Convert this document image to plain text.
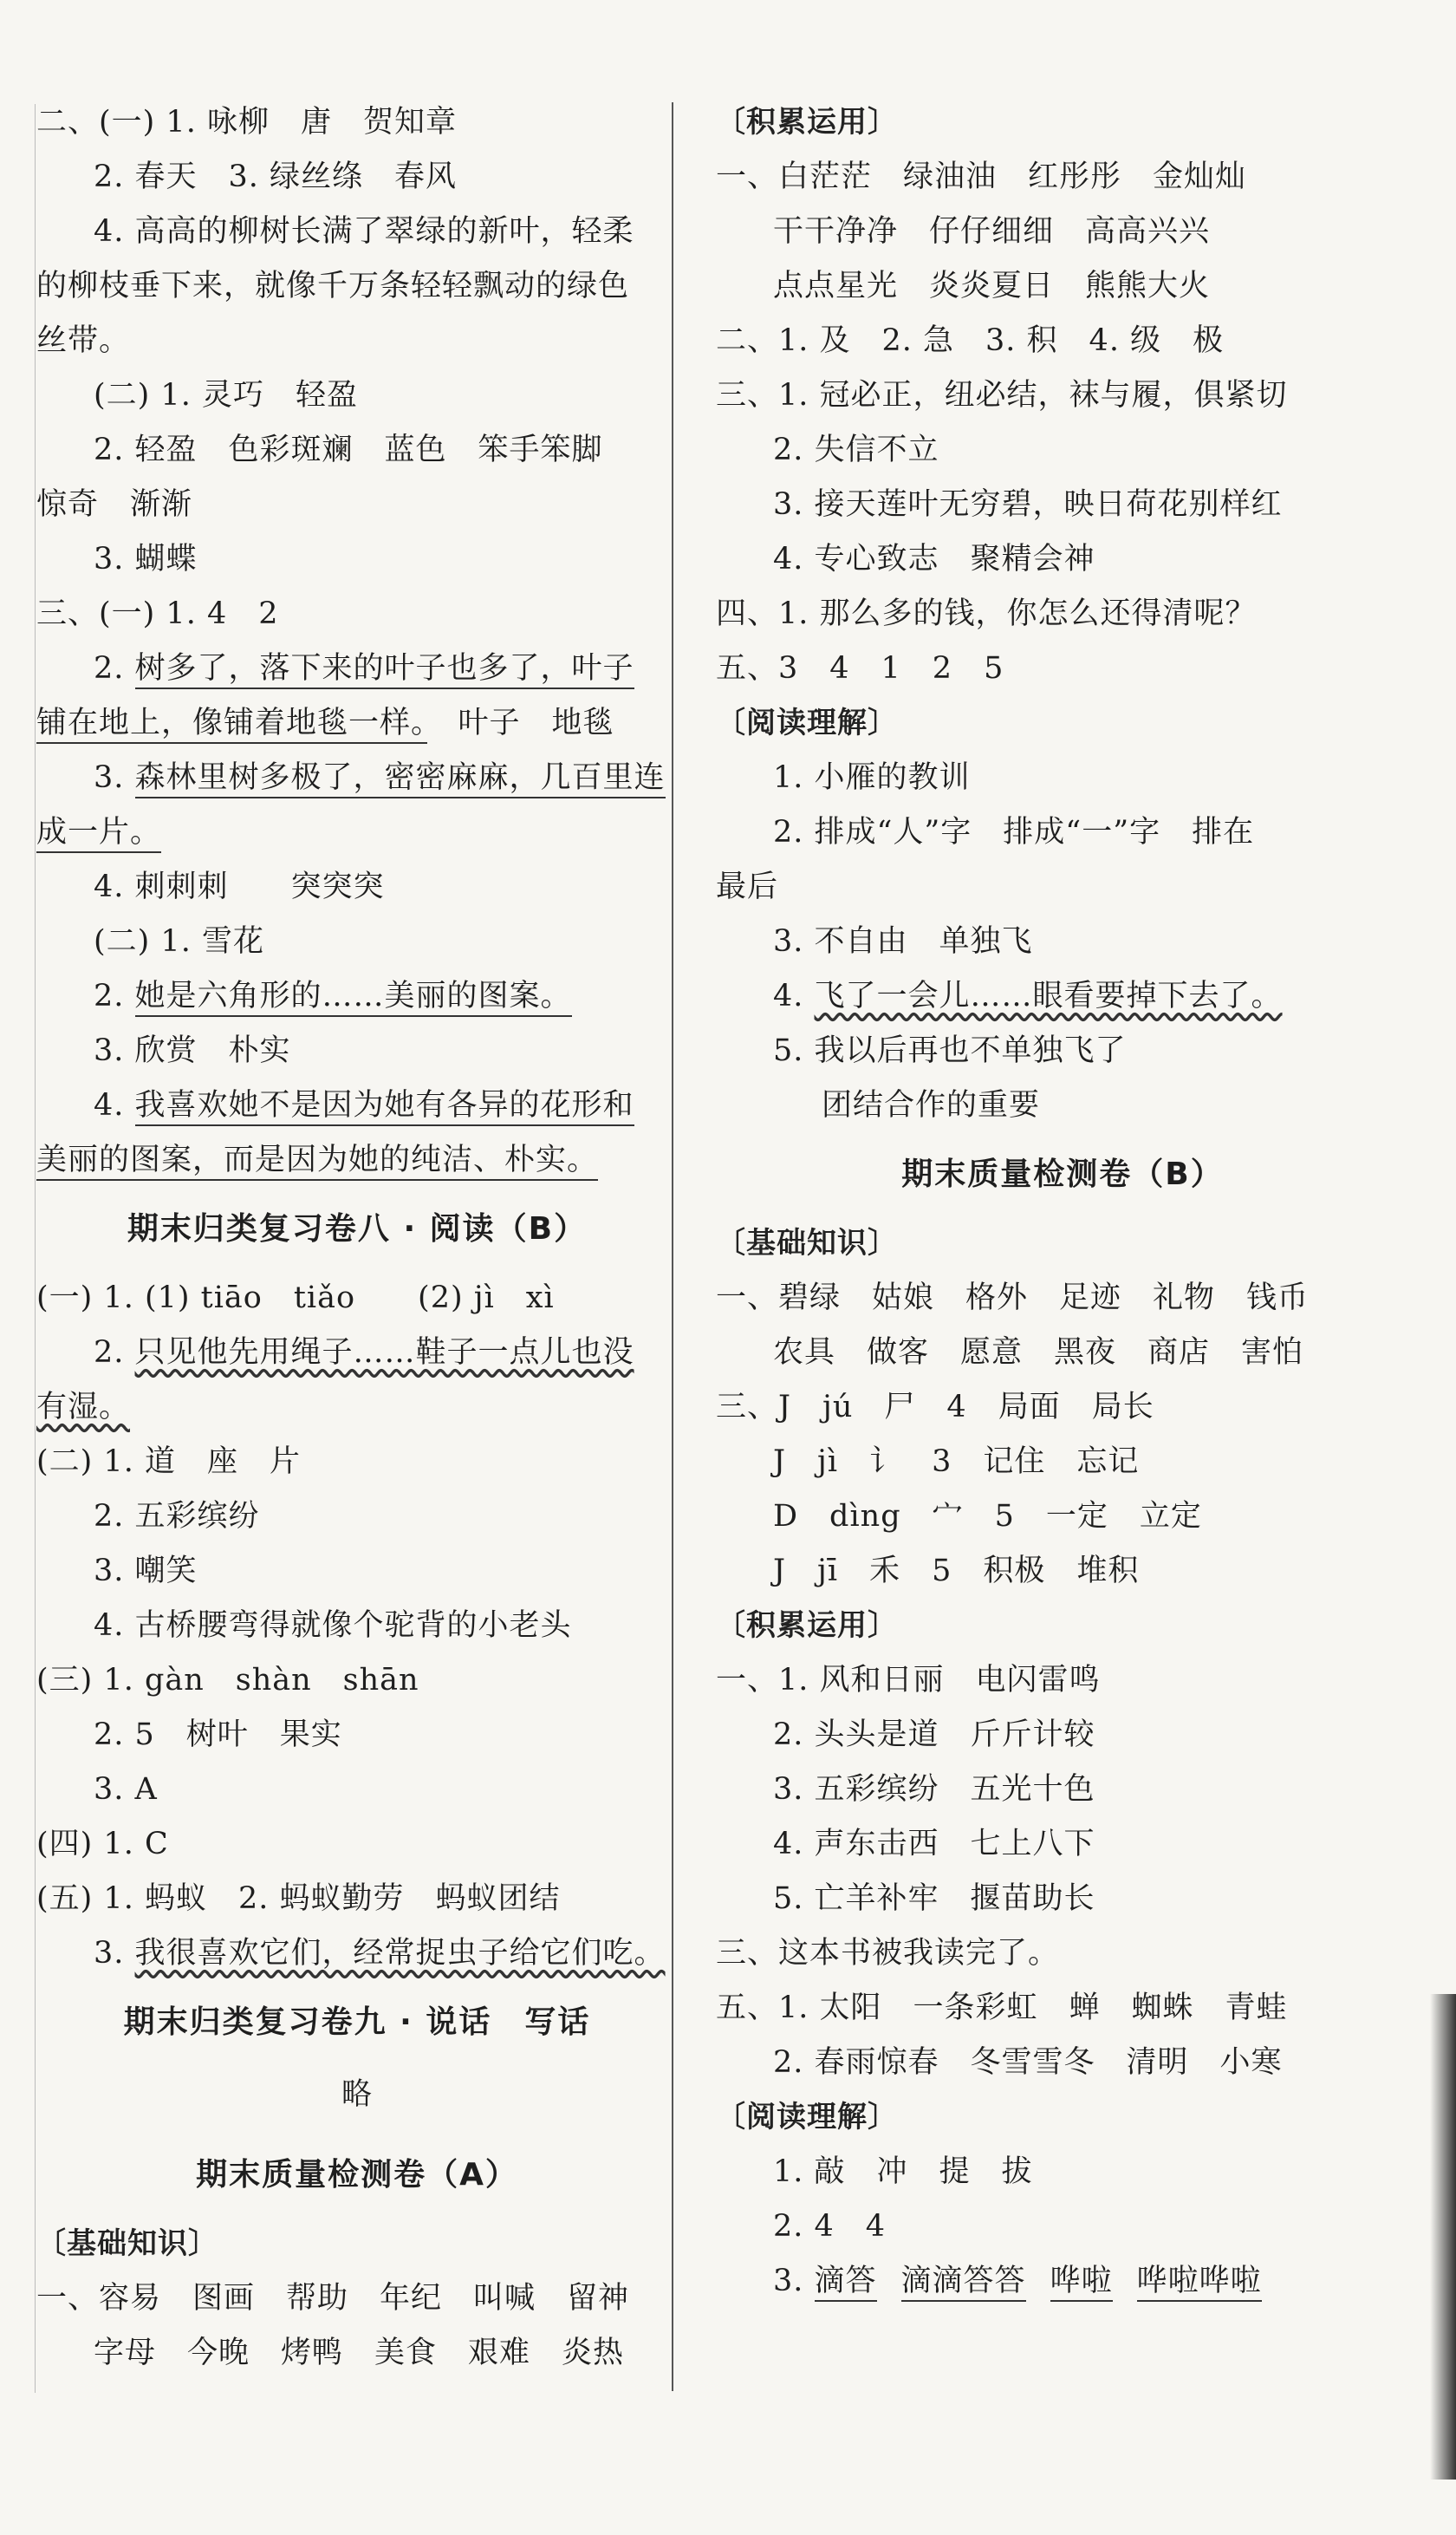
二、(一) 1. 咏柳　唐　贺知章
2. 春天　3. 绿丝绦　春风
4. 高高的柳树长满了翠绿的新叶，轻柔
的柳枝垂下来，就像千万条轻轻飘动的绿色
丝带。
(二) 1. 灵巧　轻盈
2. 轻盈　色彩斑斓　蓝色　笨手笨脚
惊奇　渐渐
3. 蝴蝶
三、(一) 1. 4　2
2. 树多了，落下来的叶子也多了，叶子
铺在地上，像铺着地毯一样。　叶子　地毯
3. 森林里树多极了，密密麻麻，几百里连
成一片。
4. 刺刺刺　　突突突
(二) 1. 雪花
2. 她是六角形的……美丽的图案。
3. 欣赏　朴实
4. 我喜欢她不是因为她有各异的花形和
美丽的图案，而是因为她的纯洁、朴实。
期末归类复习卷八 · 阅读（B）
(一) 1. (1) tiāo　tiǎo　　(2) jì　xì
2. 只见他先用绳子……鞋子一点儿也没
有湿。
(二) 1. 道　座　片
2. 五彩缤纷
3. 嘲笑
4. 古桥腰弯得就像个驼背的小老头
(三) 1. gàn　shàn　shān
2. 5　树叶　果实
3. A
(四) 1. C
(五) 1. 蚂蚁　2. 蚂蚁勤劳　蚂蚁团结
3. 我很喜欢它们，经常捉虫子给它们吃。
期末归类复习卷九 · 说话　写话
略
期末质量检测卷（A）
〔基础知识〕
一、容易　图画　帮助　年纪　叫喊　留神
字母　今晚　烤鸭　美食　艰难　炎热
〔积累运用〕
一、白茫茫　绿油油　红彤彤　金灿灿
干干净净　仔仔细细　高高兴兴
点点星光　炎炎夏日　熊熊大火
二、1. 及　2. 急　3. 积　4. 级　极
三、1. 冠必正，纽必结，袜与履，俱紧切
2. 失信不立
3. 接天莲叶无穷碧，映日荷花别样红
4. 专心致志　聚精会神
四、1. 那么多的钱，你怎么还得清呢？
五、3　4　1　2　5
〔阅读理解〕
1. 小雁的教训
2. 排成“人”字　排成“一”字　排在
最后
3. 不自由　单独飞
4. 飞了一会儿……眼看要掉下去了。
5. 我以后再也不单独飞了
团结合作的重要
期末质量检测卷（B）
〔基础知识〕
一、碧绿　姑娘　格外　足迹　礼物　钱币
农具　做客　愿意　黑夜　商店　害怕
三、J　jú　尸　4　局面　局长
J　jì　讠　3　记住　忘记
D　dìng　宀　5　一定　立定
J　jī　禾　5　积极　堆积
〔积累运用〕
一、1. 风和日丽　电闪雷鸣
2. 头头是道　斤斤计较
3. 五彩缤纷　五光十色
4. 声东击西　七上八下
5. 亡羊补牢　揠苗助长
三、这本书被我读完了。
五、1. 太阳　一条彩虹　蝉　蜘蛛　青蛙
2. 春雨惊春　冬雪雪冬　清明　小寒
〔阅读理解〕
1. 敲　冲　提　拔
2. 4　4
3. 滴答 滴滴答答 哗啦 哗啦哗啦
